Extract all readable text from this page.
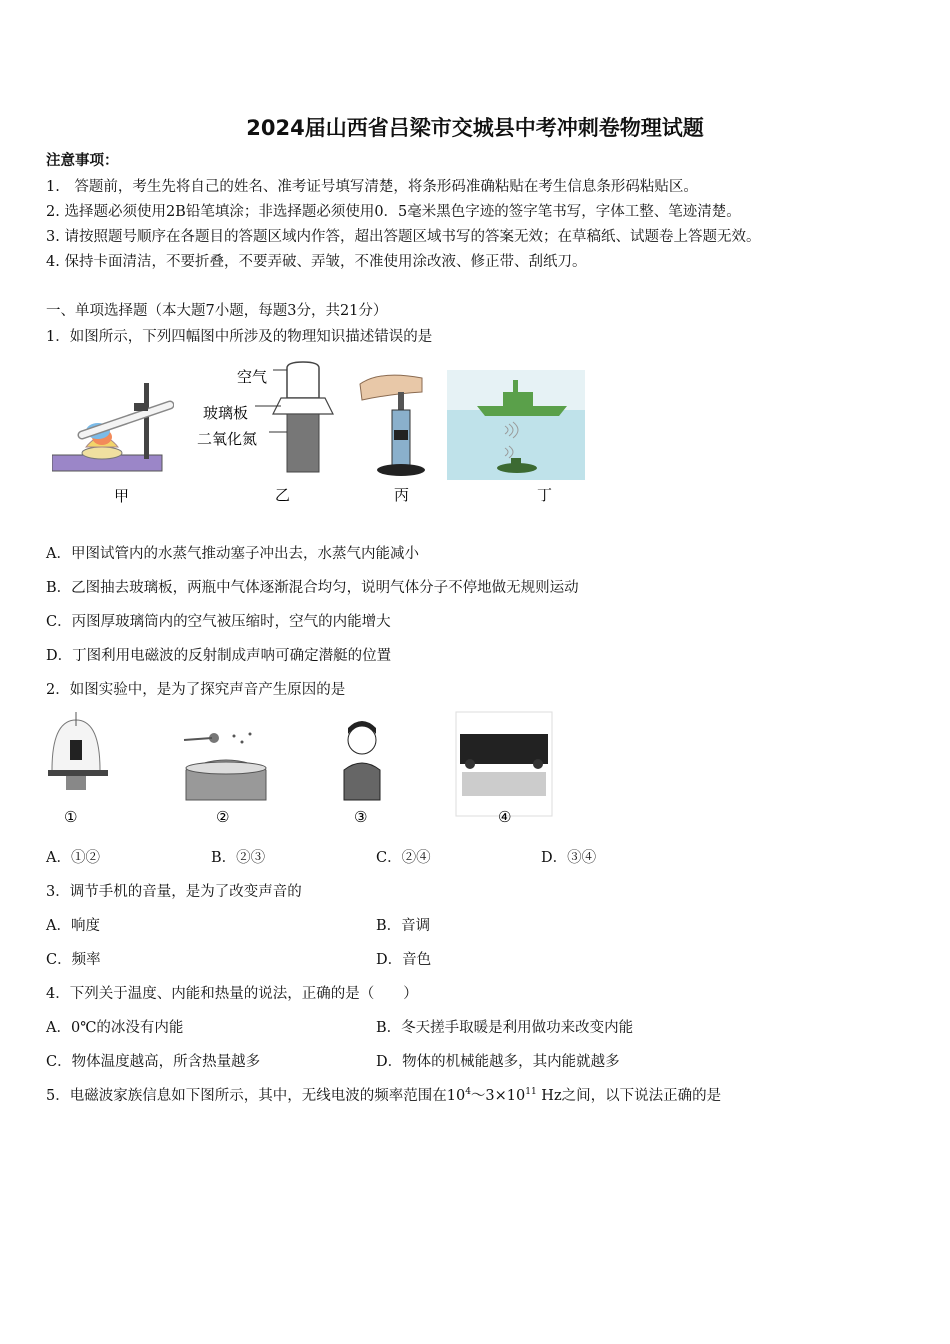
2024届山西省吕梁市交城县中考冲刺卷物理试题
注意事项：
1.　答题前，考生先将自己的姓名、准考证号填写清楚，将条形码准确粘贴在考生信息条形码粘贴区。
2. 选择题必须使用2B铅笔填涂；非选择题必须使用0．5毫米黑色字迹的签字笔书写，字体工整、笔迹清楚。
3. 请按照题号顺序在各题目的答题区域内作答，超出答题区域书写的答案无效；在草稿纸、试题卷上答题无效。
4. 保持卡面清洁，不要折叠，不要弄破、弄皱，不准使用涂改液、修正带、刮纸刀。
一、单项选择题（本大题7小题，每题3分，共21分）
1．如图所示，下列四幅图中所涉及的物理知识描述错误的是
甲
空气
玻璃板
二氧化氮
乙	丙	丁
A．甲图试管内的水蒸气推动塞子冲出去，水蒸气内能减小
B．乙图抽去玻璃板，两瓶中气体逐渐混合均匀，说明气体分子不停地做无规则运动
C．丙图厚玻璃筒内的空气被压缩时，空气的内能增大
D．丁图利用电磁波的反射制成声呐可确定潜艇的位置
2．如图实验中，是为了探究声音产生原因的是
①	②	③	④
A．①②	B．②③	C．②④	D．③④
3．调节手机的音量，是为了改变声音的
A．响度	B．音调
C．频率	D．音色
4．下列关于温度、内能和热量的说法，正确的是（　　）
A．0℃的冰没有内能	B．冬天搓手取暖是利用做功来改变内能
C．物体温度越高，所含热量越多	D．物体的机械能越多，其内能就越多
5．电磁波家族信息如下图所示，其中，无线电波的频率范围在$10^4\sim 3\times 10^{11}$ Hz之间，以下说法正确的是
